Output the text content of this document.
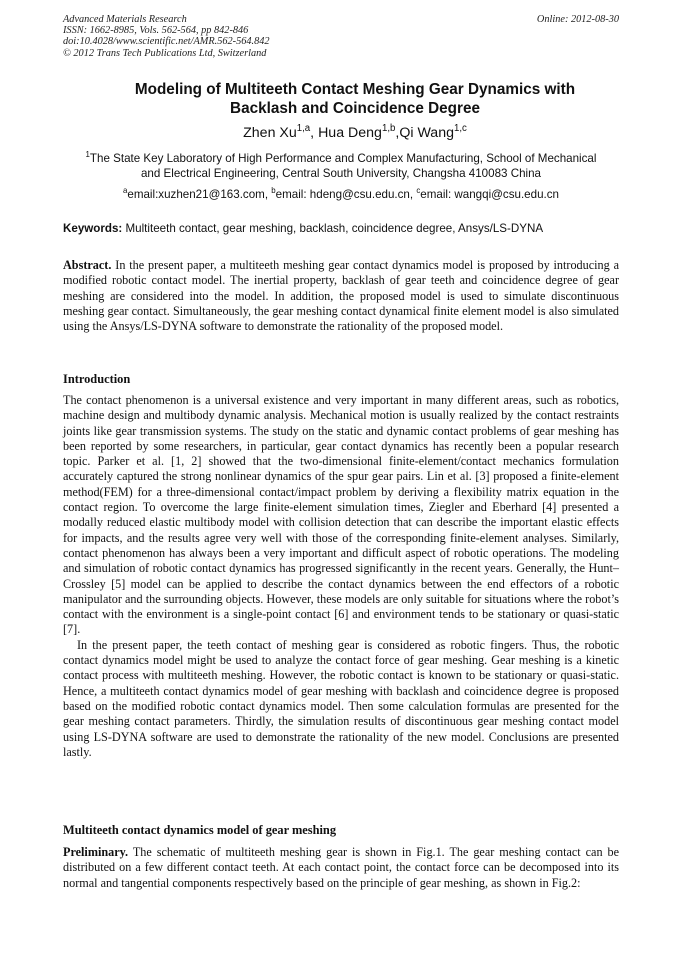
Advanced Materials Research
ISSN: 1662-8985, Vols. 562-564, pp 842-846
doi:10.4028/www.scientific.net/AMR.562-564.842
© 2012 Trans Tech Publications Ltd, Switzerland
Online: 2012-08-30
Modeling of Multiteeth Contact Meshing Gear Dynamics with
Backlash and Coincidence Degree
Zhen Xu$^{1,a}$, Hua Deng$^{1,b}$,Qi Wang$^{1,c}$
$^1$The State Key Laboratory of High Performance and Complex Manufacturing, School of Mechanical
and Electrical Engineering, Central South University, Changsha 410083 China
$^a$email:xuzhen21@163.com, $^b$email: hdeng@csu.edu.cn, $^c$email: wangqi@csu.edu.cn
Keywords: Multiteeth contact, gear meshing, backlash, coincidence degree, Ansys/LS-DYNA

Abstract. In the present paper, a multiteeth meshing gear contact dynamics model is proposed by introducing a modified robotic contact model. The inertial property, backlash of gear teeth and coincidence degree of gear meshing are considered into the model. In addition, the proposed model is used to simulate discontinuous meshing gear contact. Simultaneously, the gear meshing contact dynamical finite element model is also simulated using the Ansys/LS-DYNA software to demonstrate the rationality of the proposed model.

Introduction

The contact phenomenon is a universal existence and very important in many different areas, such as robotics, machine design and multibody dynamic analysis. Mechanical motion is usually realized by the contact restraints joints like gear transmission systems. The study on the static and dynamic contact problems of gear meshing has been reported by some researchers, in particular, gear contact dynamics has recently been a popular research topic. Parker et al. [1, 2] showed that the two-dimensional finite-element/contact mechanics formulation accurately captured the strong nonlinear dynamics of the spur gear pairs. Lin et al. [3] proposed a finite-element method(FEM) for a three-dimensional contact/impact problem by deriving a flexibility matrix equation in the contact region. To overcome the large finite-element simulation times, Ziegler and Eberhard [4] presented a modally reduced elastic multibody model with collision detection that can describe the important elastic effects for impacts, and the results agree very well with those of the corresponding finite-element analyses. Similarly, contact phenomenon has always been a very important and difficult aspect of robotic operations. The modeling and simulation of robotic contact dynamics has progressed significantly in the recent years. Generally, the Hunt–Crossley [5] model can be applied to describe the contact dynamics between the end effectors of a robotic manipulator and the surrounding objects. However, these models are only suitable for situations where the robot’s contact with the environment is a single-point contact [6] and environment tends to be stationary or quasi-static [7].

In the present paper, the teeth contact of meshing gear is considered as robotic fingers. Thus, the robotic contact dynamics model might be used to analyze the contact force of gear meshing. Gear meshing is a kinetic contact process with multiteeth meshing. However, the robotic contact is known to be stationary or quasi-static. Hence, a multiteeth contact dynamics model of gear meshing with backlash and coincidence degree is proposed based on the modified robotic contact dynamics model. Then some calculation formulas are presented for the gear meshing contact parameters. Thirdly, the simulation results of discontinuous gear meshing contact model using LS-DYNA software are used to demonstrate the rationality of the new model. Conclusions are presented lastly.

Multiteeth contact dynamics model of gear meshing

Preliminary. The schematic of multiteeth meshing gear is shown in Fig.1. The gear meshing contact can be distributed on a few different contact teeth. At each contact point, the contact force can be decomposed into its normal and tangential components respectively based on the principle of gear meshing, as shown in Fig.2:
